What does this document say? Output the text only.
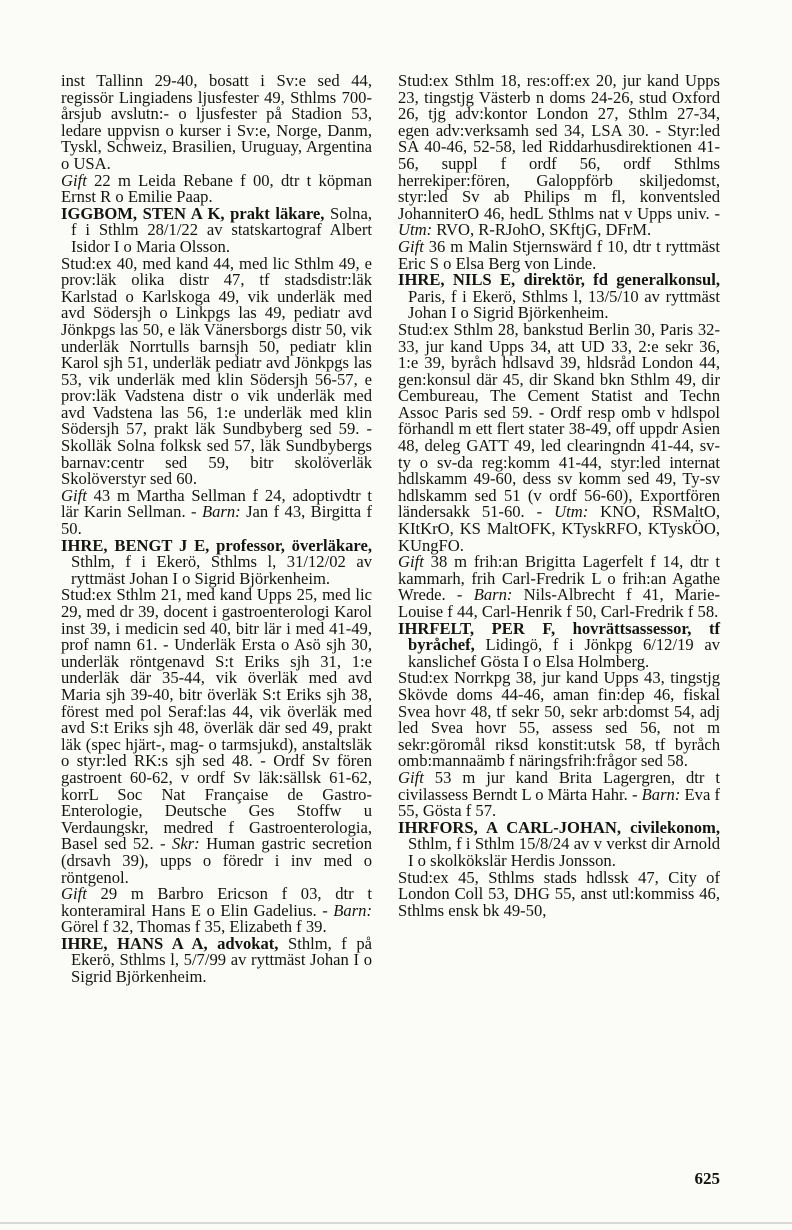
inst Tallinn 29-40, bosatt i Sv:e sed 44, regissör Lingiadens ljusfester 49, Sthlms 700-årsjub avslutn:- o ljusfester på Stadion 53, ledare uppvisn o kurser i Sv:e, Norge, Danm, Tyskl, Schweiz, Brasilien, Uruguay, Argentina o USA.

Gift 22 m Leida Rebane f 00, dtr t köpman Ernst R o Emilie Paap.

IGGBOM, STEN A K, prakt läkare, Solna, f i Sthlm 28/1/22 av statskartograf Albert Isidor I o Maria Olsson.

Stud:ex 40, med kand 44, med lic Sthlm 49, e prov:läk olika distr 47, tf stadsdistr:läk Karlstad o Karlskoga 49, vik underläk med avd Södersjh o Linkpgs las 49, pediatr avd Jönkpgs las 50, e läk Vänersborgs distr 50, vik underläk Norrtulls barnsjh 50, pediatr klin Karol sjh 51, underläk pediatr avd Jönkpgs las 53, vik underläk med klin Södersjh 56-57, e prov:läk Vadstena distr o vik underläk med avd Vadstena las 56, 1:e underläk med klin Södersjh 57, prakt läk Sundbyberg sed 59. - Skolläk Solna folksk sed 57, läk Sundbybergs barnav:centr sed 59, bitr skolöverläk Skolöverstyr sed 60.

Gift 43 m Martha Sellman f 24, adoptivdtr t lär Karin Sellman. - Barn: Jan f 43, Birgitta f 50.

IHRE, BENGT J E, professor, överläkare, Sthlm, f i Ekerö, Sthlms l, 31/12/02 av ryttmäst Johan I o Sigrid Björkenheim.

Stud:ex Sthlm 21, med kand Upps 25, med lic 29, med dr 39, docent i gastroenterologi Karol inst 39, i medicin sed 40, bitr lär i med 41-49, prof namn 61. - Underläk Ersta o Asö sjh 30, underläk röntgenavd S:t Eriks sjh 31, 1:e underläk där 35-44, vik överläk med avd Maria sjh 39-40, bitr överläk S:t Eriks sjh 38, förest med pol Seraf:las 44, vik överläk med avd S:t Eriks sjh 48, överläk där sed 49, prakt läk (spec hjärt-, mag- o tarmsjukd), anstaltsläk o styr:led RK:s sjh sed 48. - Ordf Sv fören gastroent 60-62, v ordf Sv läk:sällsk 61-62, korrL Soc Nat Française de Gastro-Enterologie, Deutsche Ges Stoffw u Verdaungskr, medred f Gastroenterologia, Basel sed 52. - Skr: Human gastric secretion (drsavh 39), upps o föredr i inv med o röntgenol.

Gift 29 m Barbro Ericson f 03, dtr t konteramiral Hans E o Elin Gadelius. - Barn: Görel f 32, Thomas f 35, Elizabeth f 39.

IHRE, HANS A A, advokat, Sthlm, f på Ekerö, Sthlms l, 5/7/99 av ryttmäst Johan I o Sigrid Björkenheim.

Stud:ex Sthlm 18, res:off:ex 20, jur kand Upps 23, tingstjg Västerb n doms 24-26, stud Oxford 26, tjg adv:kontor London 27, Sthlm 27-34, egen adv:verksamh sed 34, LSA 30. - Styr:led SA 40-46, 52-58, led Riddarhusdirektionen 41-56, suppl f ordf 56, ordf Sthlms herrekiper:fören, Galoppförb skiljedomst, styr:led Sv ab Philips m fl, konventsled JohanniterO 46, hedL Sthlms nat v Upps univ. - Utm: RVO, R-RJohO, SKftjG, DFrM.

Gift 36 m Malin Stjernswärd f 10, dtr t ryttmäst Eric S o Elsa Berg von Linde.

IHRE, NILS E, direktör, fd generalkonsul, Paris, f i Ekerö, Sthlms l, 13/5/10 av ryttmäst Johan I o Sigrid Björkenheim.

Stud:ex Sthlm 28, bankstud Berlin 30, Paris 32-33, jur kand Upps 34, att UD 33, 2:e sekr 36, 1:e 39, byråch hdlsavd 39, hldsråd London 44, gen:konsul där 45, dir Skand bkn Sthlm 49, dir Cembureau, The Cement Statist and Techn Assoc Paris sed 59. - Ordf resp omb v hdlspol förhandl m ett flert stater 38-49, off uppdr Asien 48, deleg GATT 49, led clearingndn 41-44, sv-ty o sv-da reg:komm 41-44, styr:led internat hdlskamm 49-60, dess sv komm sed 49, Ty-sv hdlskamm sed 51 (v ordf 56-60), Exportfören ländersakk 51-60. - Utm: KNO, RSMaltO, KItKrO, KS MaltOFK, KTyskRFO, KTyskÖO, KUngFO.

Gift 38 m frih:an Brigitta Lagerfelt f 14, dtr t kammarh, frih Carl-Fredrik L o frih:an Agathe Wrede. - Barn: Nils-Albrecht f 41, Marie-Louise f 44, Carl-Henrik f 50, Carl-Fredrik f 58.

IHRFELT, PER F, hovrättsassessor, tf byråchef, Lidingö, f i Jönkpg 6/12/19 av kanslichef Gösta I o Elsa Holmberg.

Stud:ex Norrkpg 38, jur kand Upps 43, tingstjg Skövde doms 44-46, aman fin:dep 46, fiskal Svea hovr 48, tf sekr 50, sekr arb:domst 54, adj led Svea hovr 55, assess sed 56, not m sekr:göromål riksd konstit:utsk 58, tf byråch omb:mannaämb f näringsfrih:frågor sed 58.

Gift 53 m jur kand Brita Lagergren, dtr t civilassess Berndt L o Märta Hahr. - Barn: Eva f 55, Gösta f 57.

IHRFORS, A CARL-JOHAN, civilekonom, Sthlm, f i Sthlm 15/8/24 av v verkst dir Arnold I o skolkökslär Herdis Jonsson.

Stud:ex 45, Sthlms stads hdlssk 47, City of London Coll 53, DHG 55, anst utl:kommiss 46, Sthlms ensk bk 49-50,

625
